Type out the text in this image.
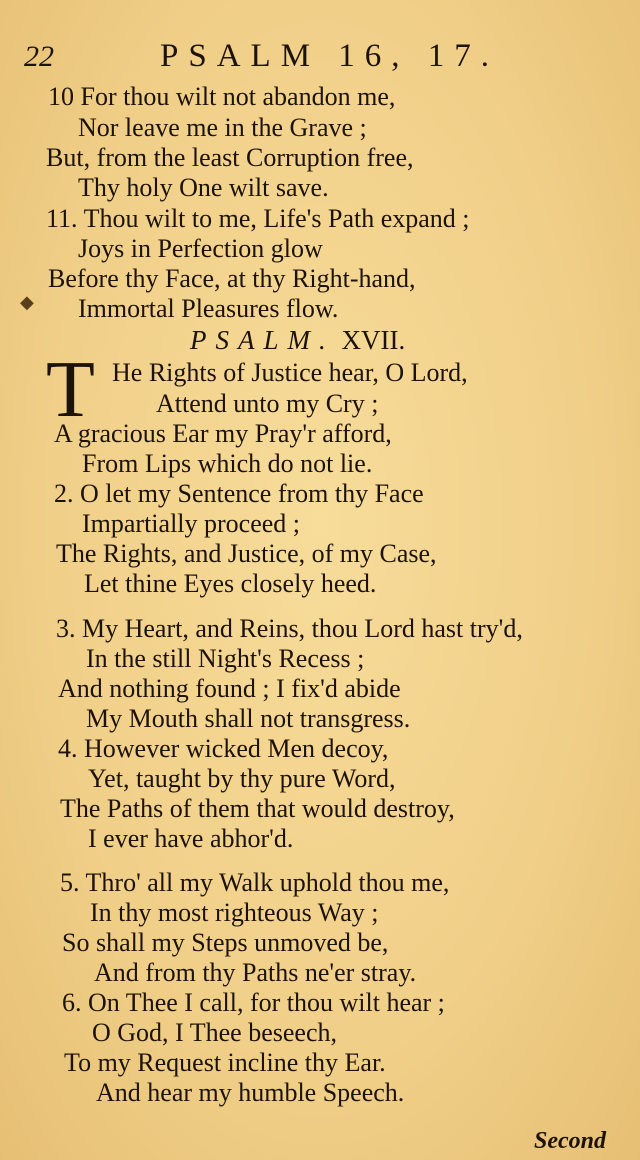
22	PSALM 16, 17.
10 For thou wilt not abandon me,
Nor leave me in the Grave ;
But, from the least Corruption free,
Thy holy One wilt save.
11. Thou wilt to me, Life's Path expand ;
Joys in Perfection glow
Before thy Face, at thy Right-hand,
Immortal Pleasures flow.
◆
PSALM. XVII.
T He Rights of Justice hear, O Lord,
Attend unto my Cry ;
A gracious Ear my Pray'r afford,
From Lips which do not lie.
2. O let my Sentence from thy Face
Impartially proceed ;
The Rights, and Justice, of my Case,
Let thine Eyes closely heed.
3. My Heart, and Reins, thou Lord hast try'd,
In the still Night's Recess ;
And nothing found ; I fix'd abide
My Mouth shall not transgress.
4. However wicked Men decoy,
Yet, taught by thy pure Word,
The Paths of them that would destroy,
I ever have abhor'd.
5. Thro' all my Walk uphold thou me,
In thy most righteous Way ;
So shall my Steps unmoved be,
And from thy Paths ne'er stray.
6. On Thee I call, for thou wilt hear ;
O God, I Thee beseech,
To my Request incline thy Ear.
And hear my humble Speech.
Second
